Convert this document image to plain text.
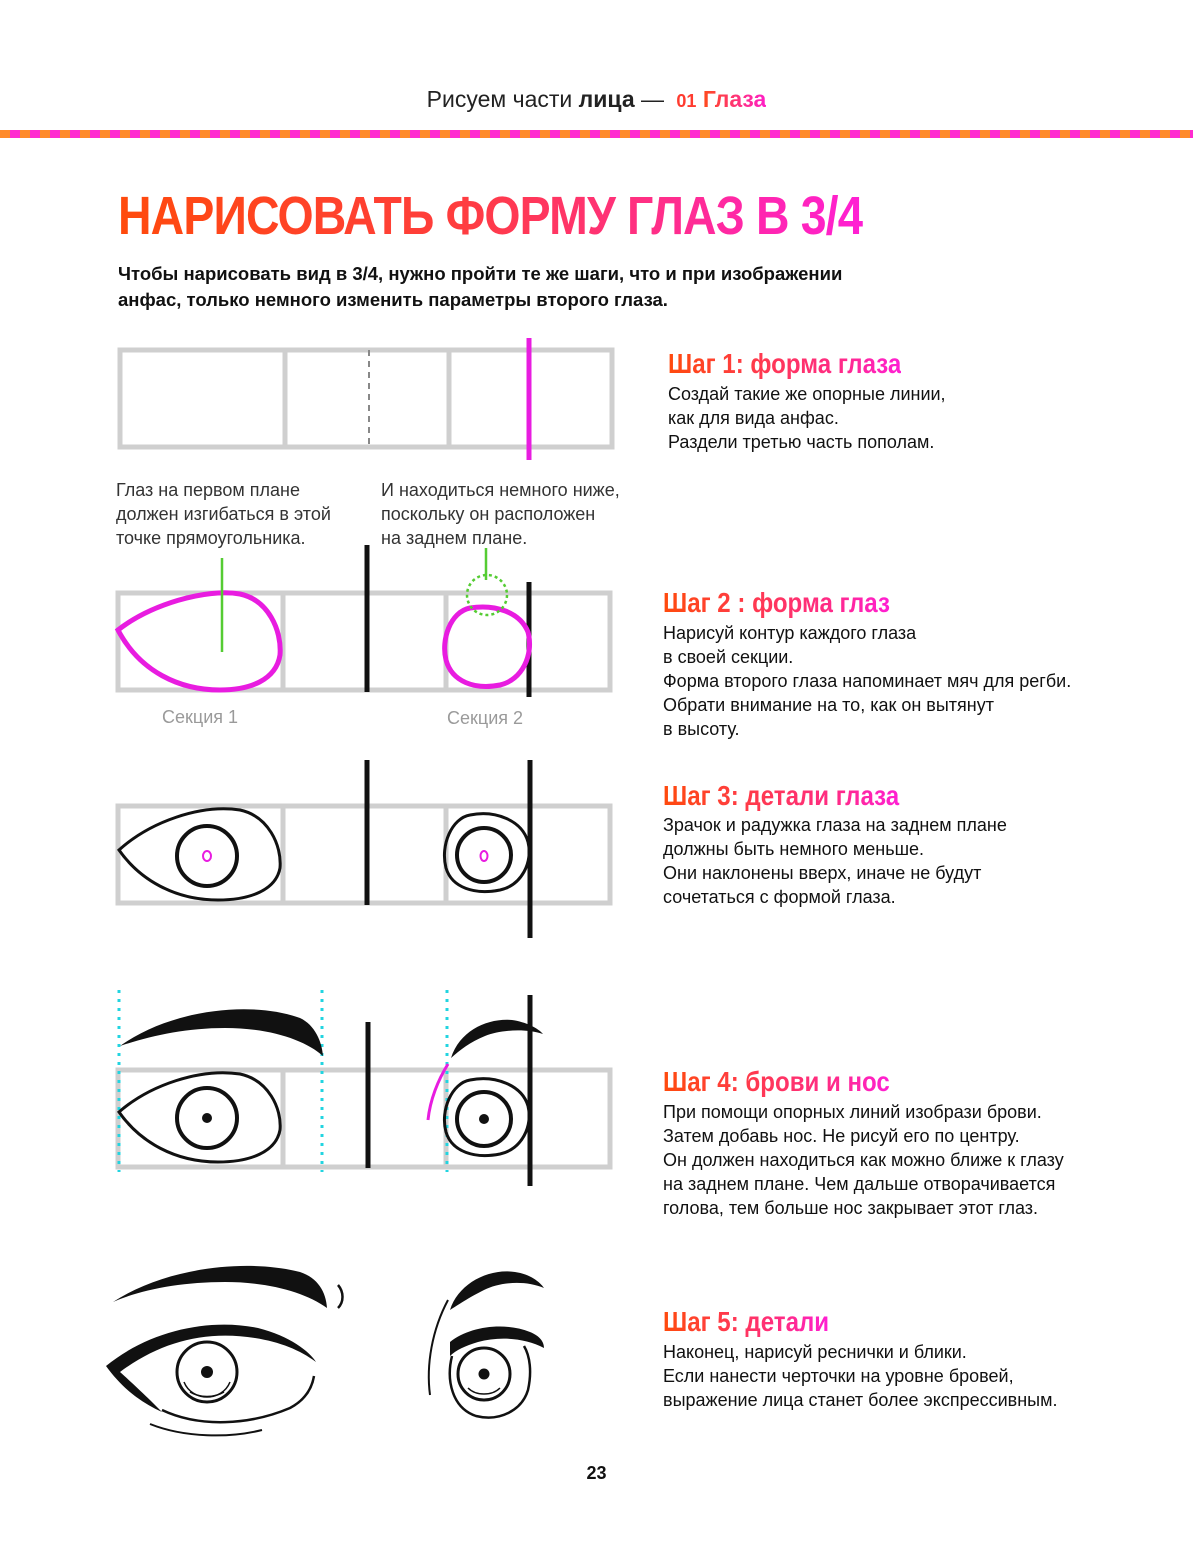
Рисуем части лица — 01 Глаза
НАРИСОВАТЬ ФОРМУ ГЛАЗ В 3/4
Чтобы нарисовать вид в 3/4, нужно пройти те же шаги, что и при изображении
анфас, только немного изменить параметры второго глаза.
Глаз на первом плане
должен изгибаться в этой
точке прямоугольника.
И находиться немного ниже,
поскольку он расположен
на заднем плане.
Секция 1	Секция 2
Шаг 1: форма глаза
Создай такие же опорные линии,
как для вида анфас.
Раздели третью часть пополам.
Шаг 2 : форма глаз
Нарисуй контур каждого глаза
в своей секции.
Форма второго глаза напоминает мяч для регби.
Обрати внимание на то, как он вытянут
в высоту.
Шаг 3: детали глаза
Зрачок и радужка глаза на заднем плане
должны быть немного меньше.
Они наклонены вверх, иначе не будут
сочетаться с формой глаза.
Шаг 4: брови и нос
При помощи опорных линий изобрази брови.
Затем добавь нос. Не рисуй его по центру.
Он должен находиться как можно ближе к глазу
на заднем плане. Чем дальше отворачивается
голова, тем больше нос закрывает этот глаз.
Шаг 5: детали
Наконец, нарисуй реснички и блики.
Если нанести черточки на уровне бровей,
выражение лица станет более экспрессивным.
23
